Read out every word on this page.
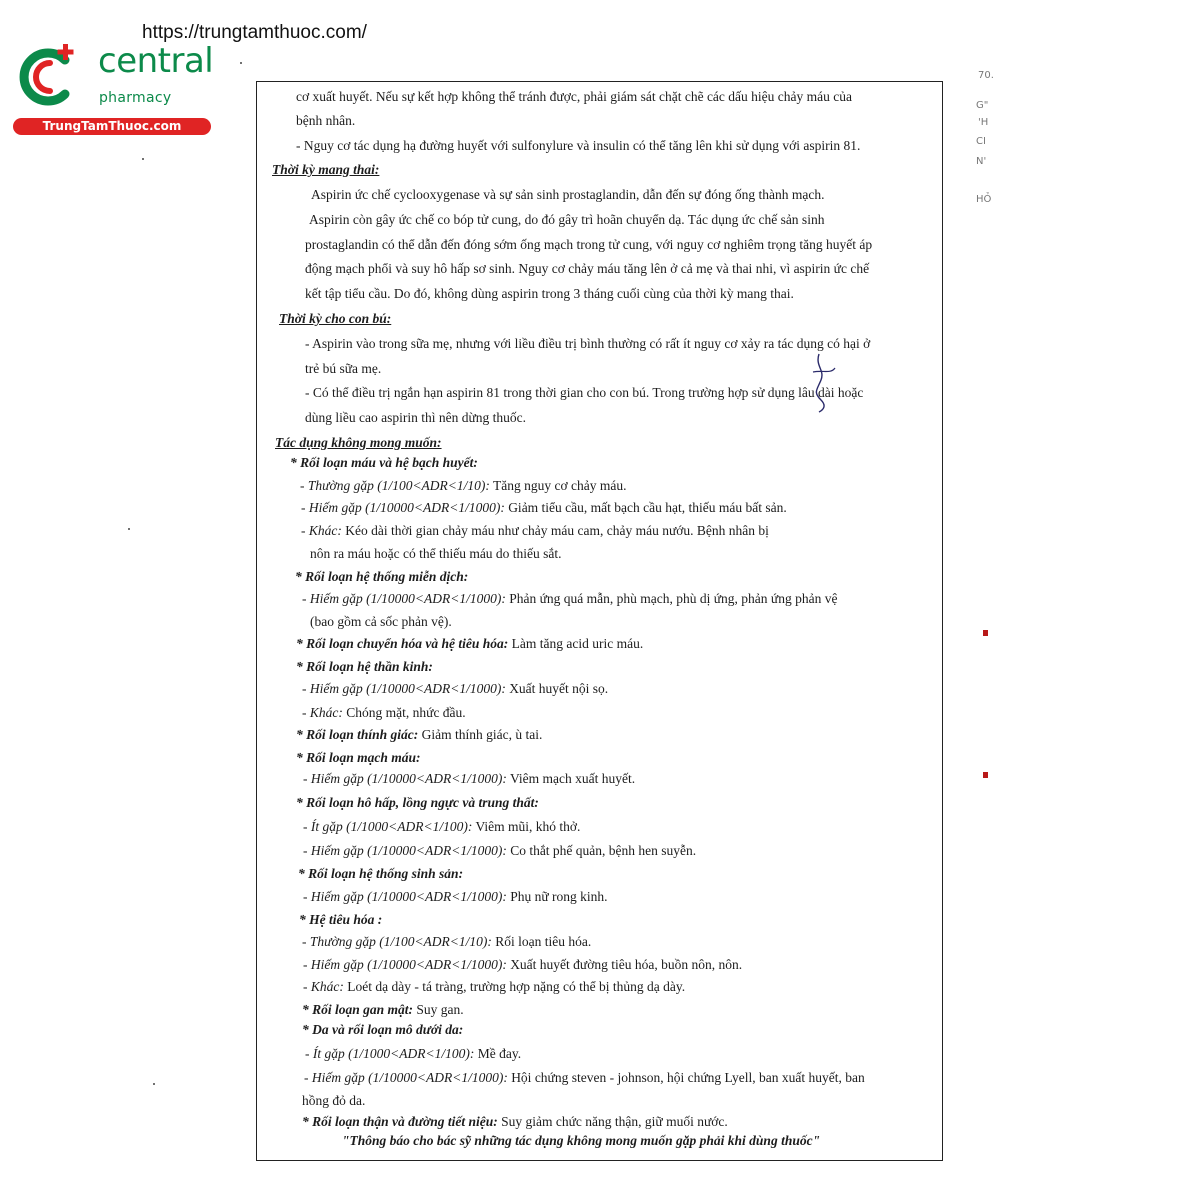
https://trungtamthuoc.com/
central
pharmacy
TrungTamThuoc.com
cơ xuất huyết. Nếu sự kết hợp không thể tránh được, phải giám sát chặt chẽ các dấu hiệu chảy máu của
bệnh nhân.
- Nguy cơ tác dụng hạ đường huyết với sulfonylure và insulin có thể tăng lên khi sử dụng với aspirin 81.
Thời kỳ mang thai:
Aspirin ức chế cyclooxygenase và sự sản sinh prostaglandin, dẫn đến sự đóng ống thành mạch.
Aspirin còn gây ức chế co bóp tử cung, do đó gây trì hoãn chuyển dạ. Tác dụng ức chế sản sinh
prostaglandin có thể dẫn đến đóng sớm ống mạch trong tử cung, với nguy cơ nghiêm trọng tăng huyết áp
động mạch phổi và suy hô hấp sơ sinh. Nguy cơ chảy máu tăng lên ở cả mẹ và thai nhi, vì aspirin ức chế
kết tập tiểu cầu. Do đó, không dùng aspirin trong 3 tháng cuối cùng của thời kỳ mang thai.
Thời kỳ cho con bú:
- Aspirin vào trong sữa mẹ, nhưng với liều điều trị bình thường có rất ít nguy cơ xảy ra tác dụng có hại ở
trẻ bú sữa mẹ.
- Có thể điều trị ngắn hạn aspirin 81 trong thời gian cho con bú. Trong trường hợp sử dụng lâu dài hoặc
dùng liều cao aspirin thì nên dừng thuốc.
Tác dụng không mong muốn:
* Rối loạn máu và hệ bạch huyết:
- Thường gặp (1/100<ADR<1/10): Tăng nguy cơ chảy máu.
- Hiếm gặp (1/10000<ADR<1/1000): Giảm tiểu cầu, mất bạch cầu hạt, thiếu máu bất sản.
- Khác: Kéo dài thời gian chảy máu như chảy máu cam, chảy máu nướu. Bệnh nhân bị
nôn ra máu hoặc có thể thiếu máu do thiếu sắt.
* Rối loạn hệ thống miễn dịch:
- Hiếm gặp (1/10000<ADR<1/1000): Phản ứng quá mẫn, phù mạch, phù dị ứng, phản ứng phản vệ
(bao gồm cả sốc phản vệ).
* Rối loạn chuyển hóa và hệ tiêu hóa: Làm tăng acid uric máu.
* Rối loạn hệ thần kinh:
- Hiếm gặp (1/10000<ADR<1/1000): Xuất huyết nội sọ.
- Khác: Chóng mặt, nhức đầu.
* Rối loạn thính giác: Giảm thính giác, ù tai.
* Rối loạn mạch máu:
- Hiếm gặp (1/10000<ADR<1/1000): Viêm mạch xuất huyết.
* Rối loạn hô hấp, lồng ngực và trung thất:
- Ít gặp (1/1000<ADR<1/100): Viêm mũi, khó thở.
- Hiếm gặp (1/10000<ADR<1/1000): Co thắt phế quản, bệnh hen suyễn.
* Rối loạn hệ thống sinh sản:
- Hiếm gặp (1/10000<ADR<1/1000): Phụ nữ rong kinh.
* Hệ tiêu hóa :
- Thường gặp (1/100<ADR<1/10): Rối loạn tiêu hóa.
- Hiếm gặp (1/10000<ADR<1/1000): Xuất huyết đường tiêu hóa, buồn nôn, nôn.
- Khác: Loét dạ dày - tá tràng, trường hợp nặng có thể bị thủng dạ dày.
* Rối loạn gan mật: Suy gan.
* Da và rối loạn mô dưới da:
- Ít gặp (1/1000<ADR<1/100): Mề đay.
- Hiếm gặp (1/10000<ADR<1/1000): Hội chứng steven - johnson, hội chứng Lyell, ban xuất huyết, ban
hồng đỏ da.
* Rối loạn thận và đường tiết niệu: Suy giảm chức năng thận, giữ muối nước.
"Thông báo cho bác sỹ những tác dụng không mong muốn gặp phải khi dùng thuốc"
70.
G"
'H
CI
N'
HỎ
